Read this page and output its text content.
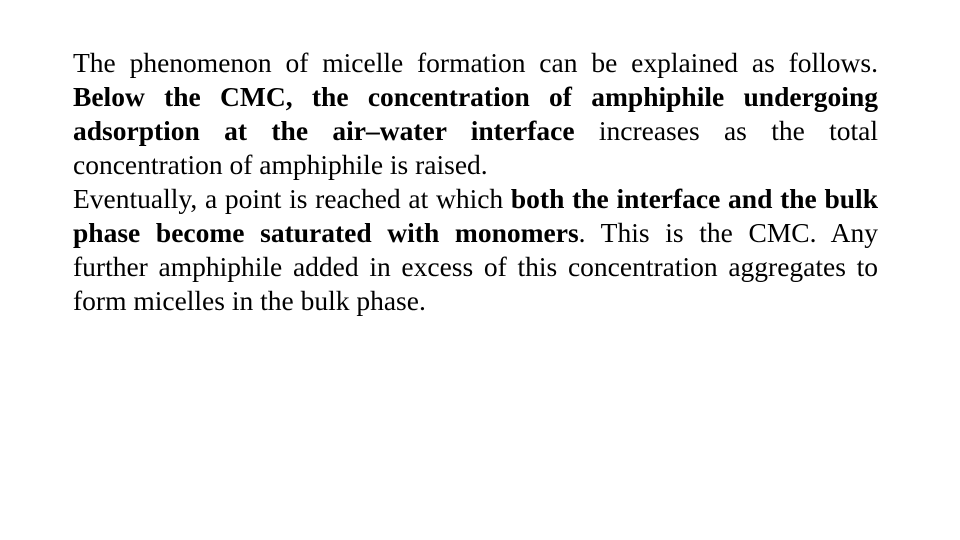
The phenomenon of micelle formation can be explained as follows. Below the CMC, the concentration of amphiphile undergoing adsorption at the air–water interface increases as the total concentration of amphiphile is raised.

Eventually, a point is reached at which both the interface and the bulk phase become saturated with monomers. This is the CMC. Any further amphiphile added in excess of this concentration aggregates to form micelles in the bulk phase.
